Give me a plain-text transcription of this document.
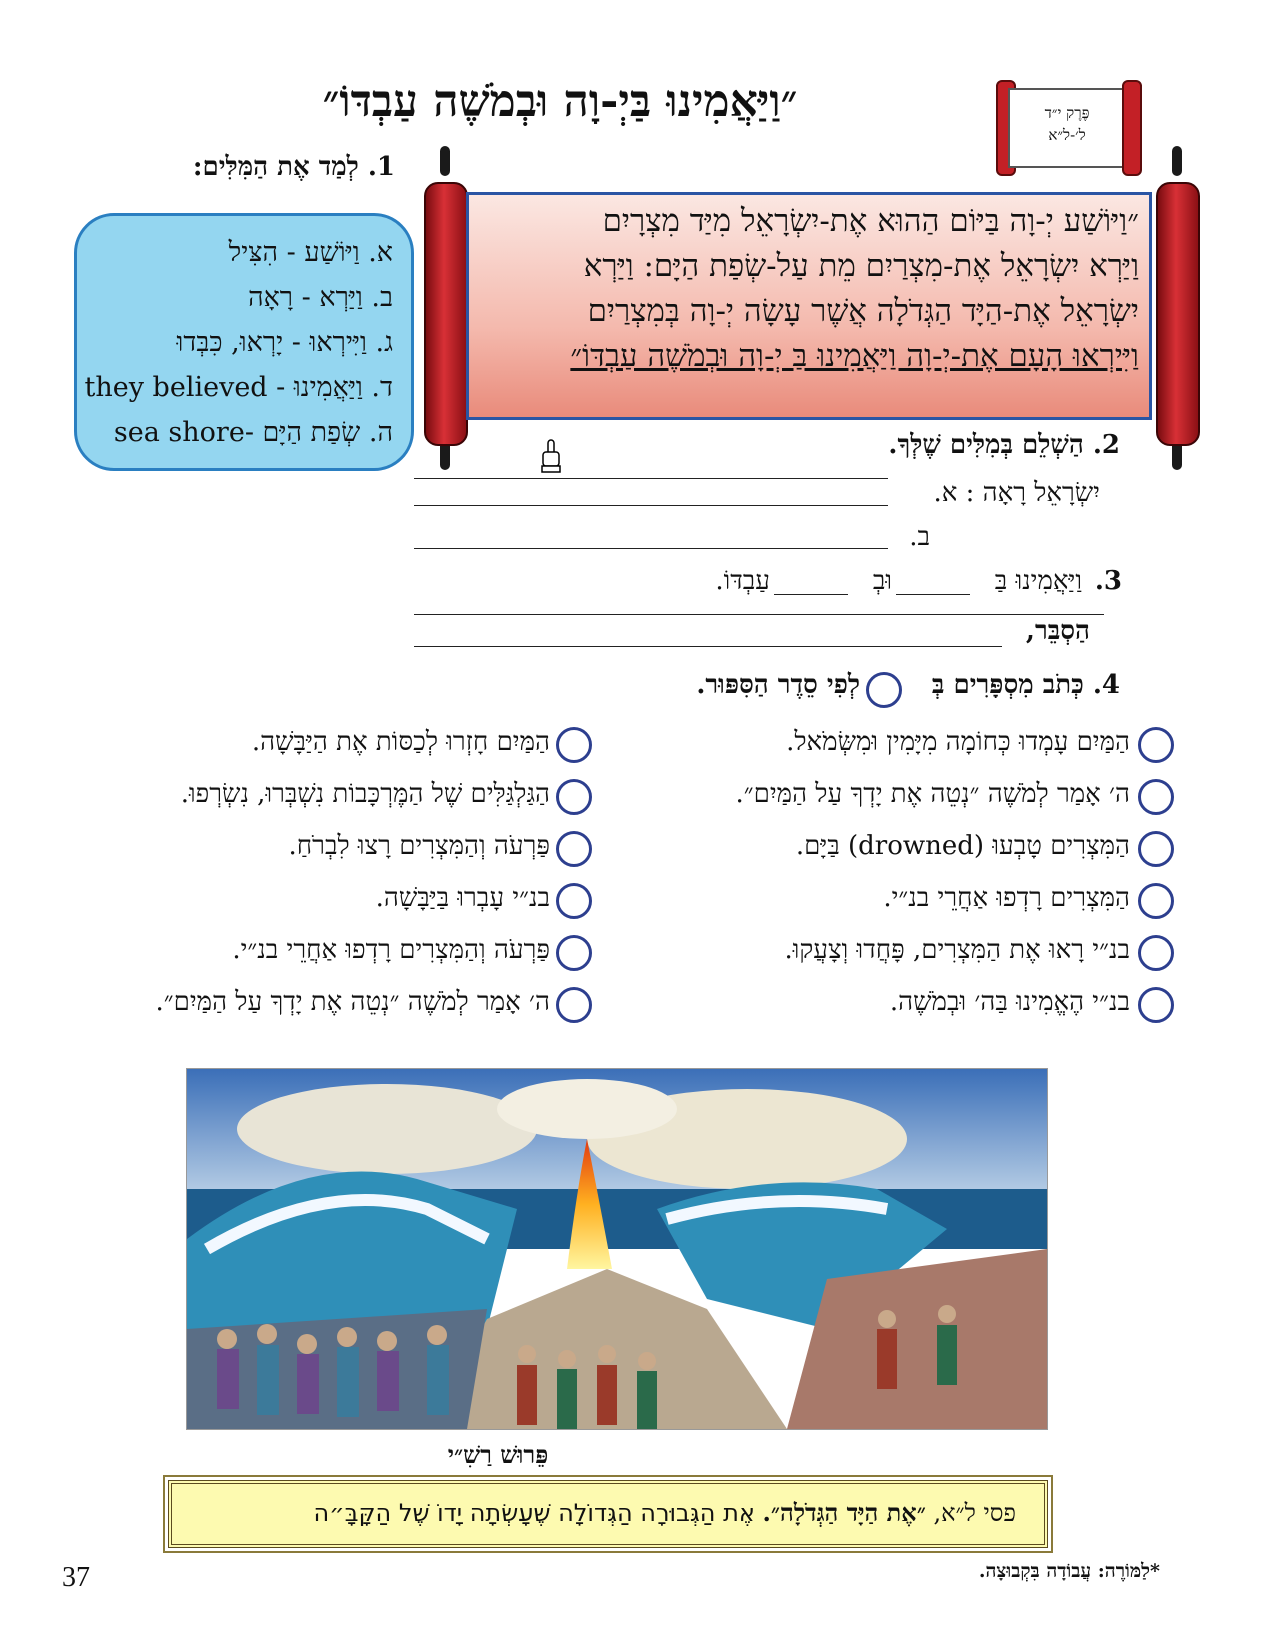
״וַיַּאֲמִינוּ בַּיְ-וָה וּבְמֹשֶׁה עַבְדּוֹ״	פֶּרֶק י״ד
ל׳-ל״א
1. לְמַד אֶת הַמִּלִּים:
א. וַיּוֹשַׁע - הִצִּיל
ב. וַיַּרְא - רָאָה
ג. וַיִּירְאוּ - יָרְאוּ, כִּבְּדוּ
ד. וַיַּאֲמִינוּ - they believed
ה. שְׂפַת הַיָּם -sea shore
״וַיּוֹשַׁע יְ-וָה בַּיּוֹם הַהוּא אֶת-יִשְׂרָאֵל מִיַּד מִצְרָיִם
וַיַּרְא יִשְׂרָאֵל אֶת-מִצְרַיִם מֵת עַל-שְׂפַת הַיָּם: וַיַּרְא
יִשְׂרָאֵל אֶת-הַיָּד הַגְּדֹלָה אֲשֶׁר עָשָׂה יְ-וָה בְּמִצְרַיִם
וַיִּירְאוּ הָעָם אֶת-יְ-וָה וַיַּאֲמִינוּ בַּ יְ-וָה וּבְמֹשֶׁה עַבְדּוֹ״
2. הַשְׁלֵם בְּמִלִּים שֶׁלְּךָ.
יִשְׂרָאֵל רָאָה : א.
ב.
3.
וַיַּאֲמִינוּ בַּ
וּבְ
עַבְדּוֹ.
הַסְבֵּר,
4. כְּתֹב מִסְפָּרִים בְּ
לְפִי סֵדֶר הַסִּפּוּר.
הַמַּיִם עָמְדוּ כְּחוֹמָה מִיָּמִין וּמִשְּׂמֹאל.
ה׳ אָמַר לְמֹשֶׁה ״נְטֵה אֶת יָדְךָ עַל הַמַּיִם״.
הַמִּצְרִים טָבְעוּ (drowned) בַּיָּם.
הַמִּצְרִים רָדְפוּ אַחֲרֵי בנ״י.
בנ״י רָאוּ אֶת הַמִּצְרִים, פָּחֲדוּ וְצָעֲקוּ.
בנ״י הֶאֱמִינוּ בַּה׳ וּבְמֹשֶׁה.
הַמַּיִם חָזְרוּ לְכַסּוֹת אֶת הַיַּבָּשָׁה.
הַגַּלְגַּלִּים שֶׁל הַמֶּרְכָּבוֹת נִשְׁבְּרוּ, נִשְׂרְפוּ.
פַּרְעֹה וְהַמִּצְרִים רָצוּ לִבְרֹחַ.
בנ״י עָבְרוּ בַּיַּבָּשָׁה.
פַּרְעֹה וְהַמִּצְרִים רָדְפוּ אַחֲרֵי בנ״י.
ה׳ אָמַר לְמֹשֶׁה ״נְטֵה אֶת יָדְךָ עַל הַמַּיִם״.
פֵּרוּשׁ רַשִׁ״י
פסי ל״א, ״אֶת הַיָּד הַגְּדֹלָה״. אֶת הַגְּבוּרָה הַגְּדוֹלָה שֶׁעָשְׂתָה יָדוֹ שֶׁל הַקָּבָּ״ה
37	*לַמּוֹרֶה: עֲבוֹדָה בִּקְבוּצָה.
